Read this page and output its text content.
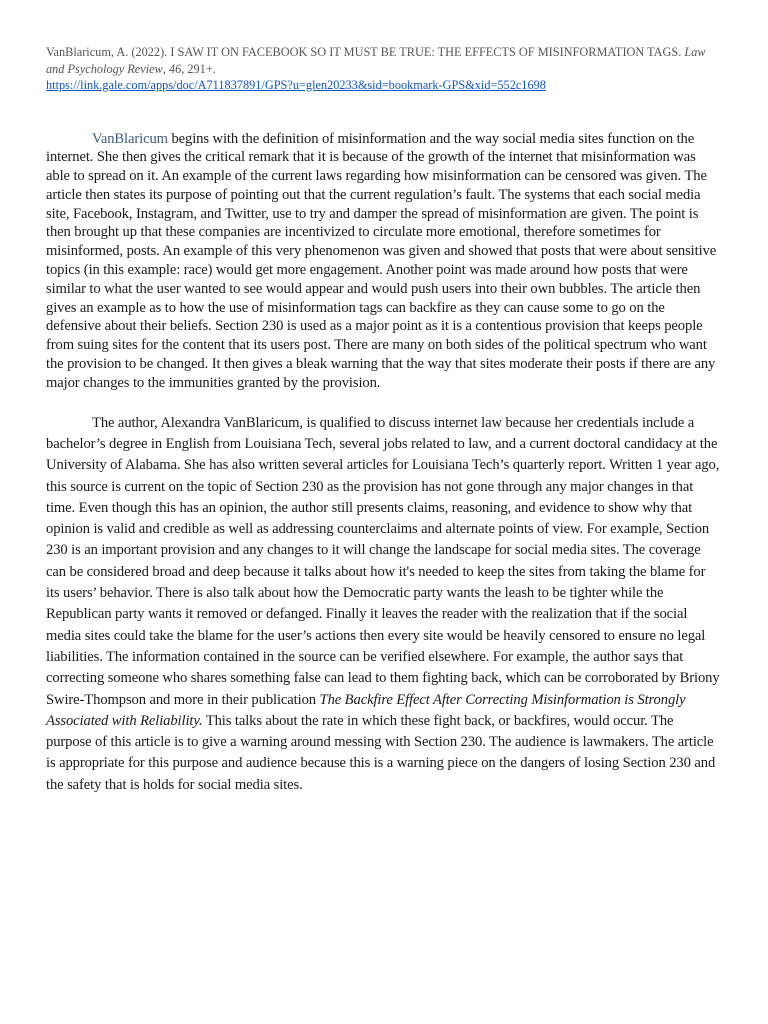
VanBlaricum, A. (2022). I SAW IT ON FACEBOOK SO IT MUST BE TRUE: THE EFFECTS OF MISINFORMATION TAGS. Law and Psychology Review, 46, 291+.
https://link.gale.com/apps/doc/A711837891/GPS?u=glen20233&sid=bookmark-GPS&xid=552c1698

VanBlaricum begins with the definition of misinformation and the way social media sites function on the internet. She then gives the critical remark that it is because of the growth of the internet that misinformation was able to spread on it. An example of the current laws regarding how misinformation can be censored was given. The article then states its purpose of pointing out that the current regulation’s fault. The systems that each social media site, Facebook, Instagram, and Twitter, use to try and damper the spread of misinformation are given. The point is then brought up that these companies are incentivized to circulate more emotional, therefore sometimes for misinformed, posts. An example of this very phenomenon was given and showed that posts that were about sensitive topics (in this example: race) would get more engagement. Another point was made around how posts that were similar to what the user wanted to see would appear and would push users into their own bubbles. The article then gives an example as to how the use of misinformation tags can backfire as they can cause some to go on the defensive about their beliefs. Section 230 is used as a major point as it is a contentious provision that keeps people from suing sites for the content that its users post. There are many on both sides of the political spectrum who want the provision to be changed. It then gives a bleak warning that the way that sites moderate their posts if there are any major changes to the immunities granted by the provision.

The author, Alexandra VanBlaricum, is qualified to discuss internet law because her credentials include a bachelor’s degree in English from Louisiana Tech, several jobs related to law, and a current doctoral candidacy at the University of Alabama. She has also written several articles for Louisiana Tech’s quarterly report. Written 1 year ago, this source is current on the topic of Section 230 as the provision has not gone through any major changes in that time. Even though this has an opinion, the author still presents claims, reasoning, and evidence to show why that opinion is valid and credible as well as addressing counterclaims and alternate points of view. For example, Section 230 is an important provision and any changes to it will change the landscape for social media sites. The coverage can be considered broad and deep because it talks about how it's needed to keep the sites from taking the blame for its users’ behavior. There is also talk about how the Democratic party wants the leash to be tighter while the Republican party wants it removed or defanged. Finally it leaves the reader with the realization that if the social media sites could take the blame for the user’s actions then every site would be heavily censored to ensure no legal liabilities. The information contained in the source can be verified elsewhere. For example, the author says that correcting someone who shares something false can lead to them fighting back, which can be corroborated by Briony Swire-Thompson and more in their publication The Backfire Effect After Correcting Misinformation is Strongly Associated with Reliability. This talks about the rate in which these fight back, or backfires, would occur. The purpose of this article is to give a warning around messing with Section 230. The audience is lawmakers. The article is appropriate for this purpose and audience because this is a warning piece on the dangers of losing Section 230 and the safety that is holds for social media sites.
